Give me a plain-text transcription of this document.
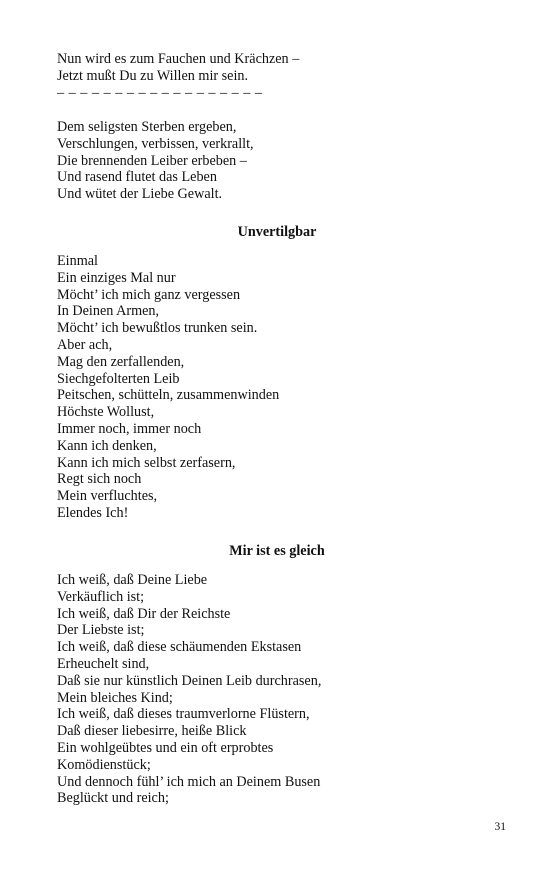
Nun wird es zum Fauchen und Krächzen –

Jetzt mußt Du zu Willen mir sein.

– – – – – – – – – – – – – – – – – –

Dem seligsten Sterben ergeben,

Verschlungen, verbissen, verkrallt,

Die brennenden Leiber erbeben –

Und rasend flutet das Leben

Und wütet der Liebe Gewalt.

Unvertilgbar

Einmal

Ein einziges Mal nur

Möcht’ ich mich ganz vergessen

In Deinen Armen,

Möcht’ ich bewußtlos trunken sein.

Aber ach,

Mag den zerfallenden,

Siechgefolterten Leib

Peitschen, schütteln, zusammenwinden

Höchste Wollust,

Immer noch, immer noch

Kann ich denken,

Kann ich mich selbst zerfasern,

Regt sich noch

Mein verfluchtes,

Elendes Ich!

Mir ist es gleich

Ich weiß, daß Deine Liebe

Verkäuflich ist;

Ich weiß, daß Dir der Reichste

Der Liebste ist;

Ich weiß, daß diese schäumenden Ekstasen

Erheuchelt sind,

Daß sie nur künstlich Deinen Leib durchrasen,

Mein bleiches Kind;

Ich weiß, daß dieses traumverlorne Flüstern,

Daß dieser liebesirre, heiße Blick

Ein wohlgeübtes und ein oft erprobtes

Komödienstück;

Und dennoch fühl’ ich mich an Deinem Busen

Beglückt und reich;

31
